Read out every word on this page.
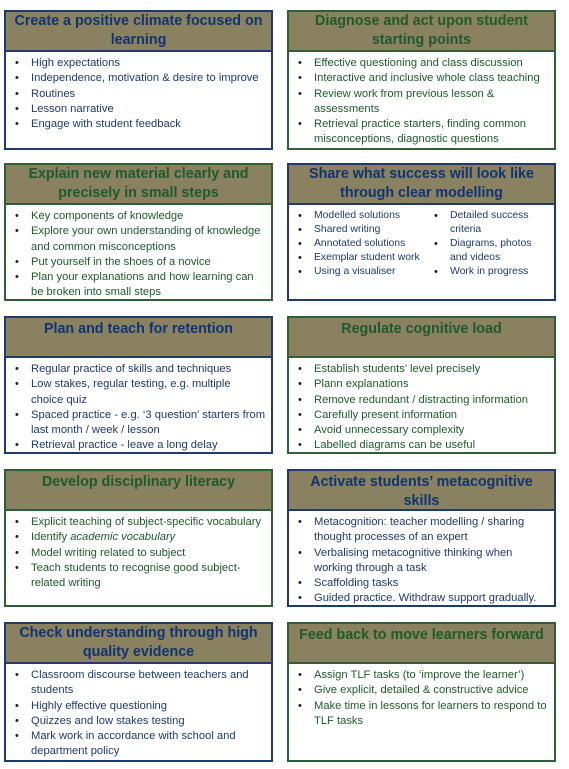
Create a positive climate focused on learning
• High expectations
• Independence, motivation & desire to improve
• Routines
• Lesson narrative
• Engage with student feedback
Diagnose and act upon student starting points
• Effective questioning and class discussion
• Interactive and inclusive whole class teaching
• Review work from previous lesson & assessments
• Retrieval practice starters, finding common misconceptions, diagnostic questions
Explain new material clearly and precisely in small steps
• Key components of knowledge
• Explore your own understanding of knowledge and common misconceptions
• Put yourself in the shoes of a novice
• Plan your explanations and how learning can be broken into small steps
Share what success will look like through clear modelling
• Modelled solutions
• Shared writing
• Annotated solutions
• Exemplar student work
• Using a visualiser
• Detailed success criteria
• Diagrams, photos and videos
• Work in progress
Plan and teach for retention
• Regular practice of skills and techniques
• Low stakes, regular testing, e.g. multiple choice quiz
• Spaced practice - e.g. ‘3 question’ starters from last month / week / lesson
• Retrieval practice - leave a long delay
Regulate cognitive load
• Establish students’ level precisely
• Plann explanations
• Remove redundant / distracting information
• Carefully present information
• Avoid unnecessary complexity
• Labelled diagrams can be useful
Develop disciplinary literacy
• Explicit teaching of subject-specific vocabulary
• Identify academic vocabulary
• Model writing related to subject
• Teach students to recognise good subject-related writing
Activate students’ metacognitive skills
• Metacognition: teacher modelling / sharing thought processes of an expert
• Verbalising metacognitive thinking when working through a task
• Scaffolding tasks
• Guided practice. Withdraw support gradually.
Check understanding through high quality evidence
• Classroom discourse between teachers and students
• Highly effective questioning
• Quizzes and low stakes testing
• Mark work in accordance with school and department policy
Feed back to move learners forward
• Assign TLF tasks (to ‘improve the learner’)
• Give explicit, detailed & constructive advice
• Make time in lessons for learners to respond to TLF tasks
